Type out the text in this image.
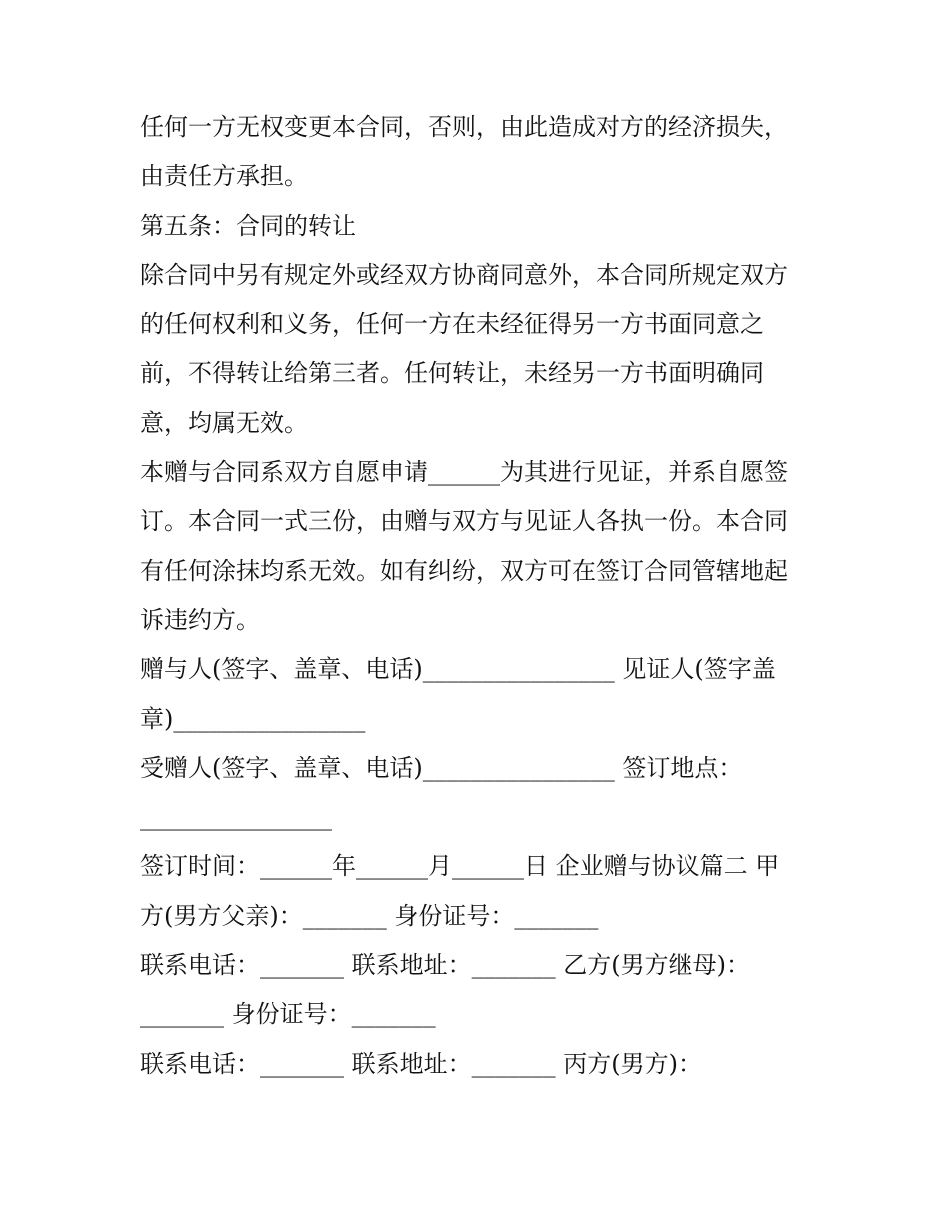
任何一方无权变更本合同，否则，由此造成对方的经济损失，
由责任方承担。
第五条：合同的转让
除合同中另有规定外或经双方协商同意外，本合同所规定双方
的任何权利和义务，任何一方在未经征得另一方书面同意之
前，不得转让给第三者。任何转让，未经另一方书面明确同
意，均属无效。
本赠与合同系双方自愿申请______为其进行见证，并系自愿签
订。本合同一式三份，由赠与双方与见证人各执一份。本合同
有任何涂抹均系无效。如有纠纷，双方可在签订合同管辖地起
诉违约方。
赠与人(签字、盖章、电话)________________ 见证人(签字盖
章)________________
受赠人(签字、盖章、电话)________________ 签订地点：
________________
签订时间：______年______月______日 企业赠与协议篇二 甲
方(男方父亲)：_______ 身份证号：_______
联系电话：_______ 联系地址：_______ 乙方(男方继母)：
_______ 身份证号：_______
联系电话：_______ 联系地址：_______ 丙方(男方)：
